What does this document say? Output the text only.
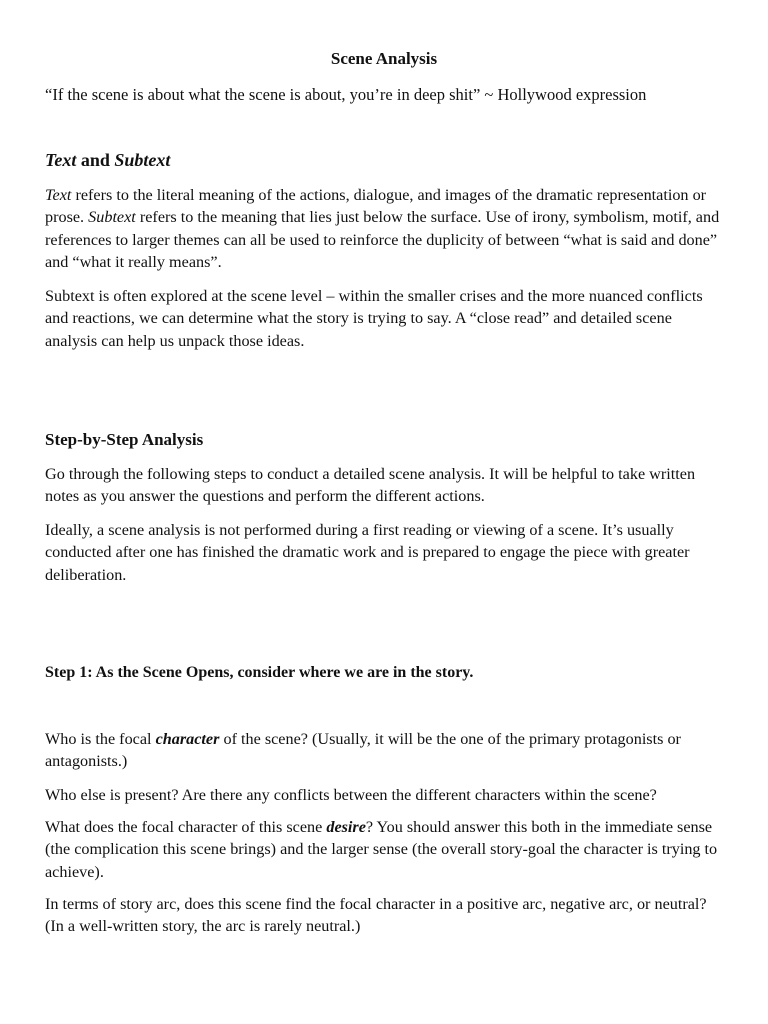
Scene Analysis
“If the scene is about what the scene is about, you’re in deep shit” ~ Hollywood expression
Text and Subtext
Text refers to the literal meaning of the actions, dialogue, and images of the dramatic representation or prose. Subtext refers to the meaning that lies just below the surface. Use of irony, symbolism, motif, and references to larger themes can all be used to reinforce the duplicity of between “what is said and done” and “what it really means”.
Subtext is often explored at the scene level – within the smaller crises and the more nuanced conflicts and reactions, we can determine what the story is trying to say. A “close read” and detailed scene analysis can help us unpack those ideas.
Step-by-Step Analysis
Go through the following steps to conduct a detailed scene analysis. It will be helpful to take written notes as you answer the questions and perform the different actions.
Ideally, a scene analysis is not performed during a first reading or viewing of a scene. It’s usually conducted after one has finished the dramatic work and is prepared to engage the piece with greater deliberation.
Step 1: As the Scene Opens, consider where we are in the story.
Who is the focal character of the scene? (Usually, it will be the one of the primary protagonists or antagonists.)
Who else is present? Are there any conflicts between the different characters within the scene?
What does the focal character of this scene desire? You should answer this both in the immediate sense (the complication this scene brings) and the larger sense (the overall story-goal the character is trying to achieve).
In terms of story arc, does this scene find the focal character in a positive arc, negative arc, or neutral? (In a well-written story, the arc is rarely neutral.)
